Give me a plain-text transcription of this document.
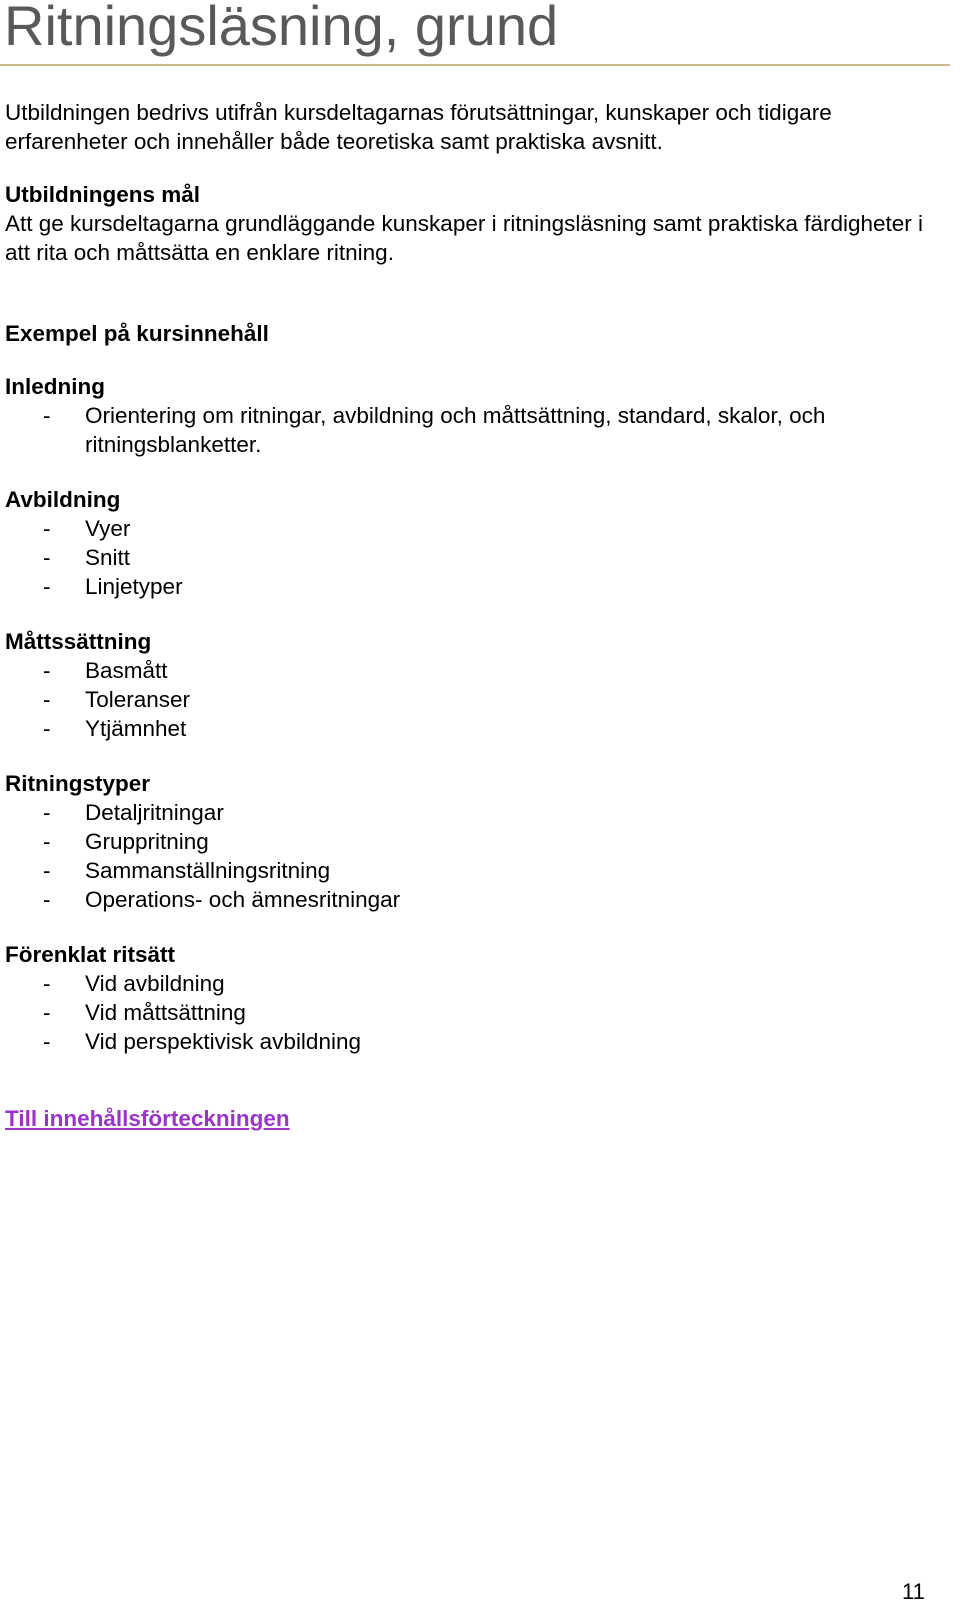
Ritningsläsning, grund

Utbildningen bedrivs utifrån kursdeltagarnas förutsättningar, kunskaper och tidigare erfarenheter och innehåller både teoretiska samt praktiska avsnitt.

Utbildningens mål

Att ge kursdeltagarna grundläggande kunskaper i ritningsläsning samt praktiska färdigheter i att rita och måttsätta en enklare ritning.

Exempel på kursinnehåll

Inledning
-	Orientering om ritningar, avbildning och måttsättning, standard, skalor, och ritningsblanketter.
Avbildning
-	Vyer
-	Snitt
-	Linjetyper
Måttssättning
-	Basmått
-	Toleranser
-	Ytjämnhet
Ritningstyper
-	Detaljritningar
-	Gruppritning
-	Sammanställningsritning
-	Operations- och ämnesritningar
Förenklat ritsätt
-	Vid avbildning
-	Vid måttsättning
-	Vid perspektivisk avbildning
Till innehållsförteckningen
11
